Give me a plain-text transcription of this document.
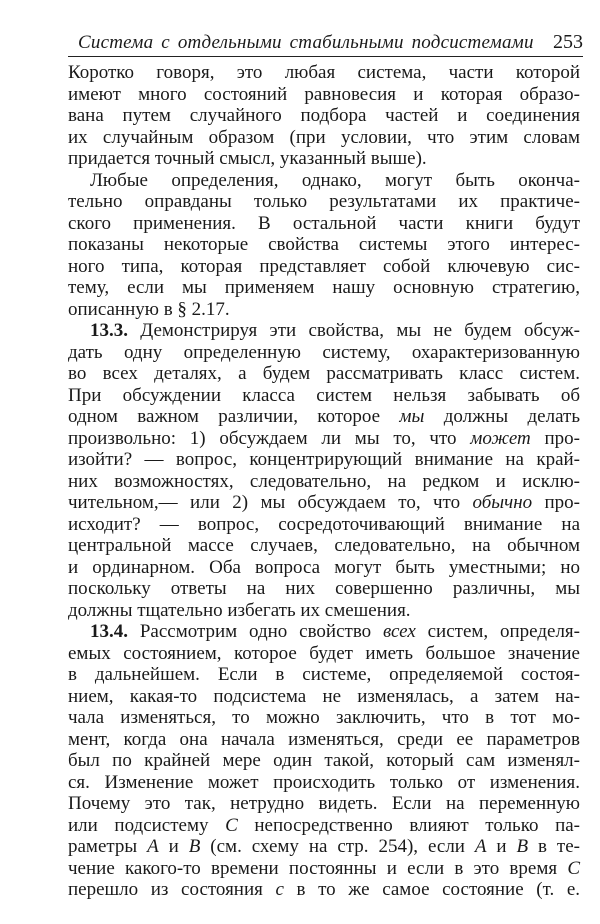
Система с отдельными стабильными подсистемами 253
Коротко говоря, это любая система, части которой
имеют много состояний равновесия и которая образо-
вана путем случайного подбора частей и соединения
их случайным образом (при условии, что этим словам
придается точный смысл, указанный выше).
Любые определения, однако, могут быть оконча-
тельно оправданы только результатами их практиче-
ского применения. В остальной части книги будут
показаны некоторые свойства системы этого интерес-
ного типа, которая представляет собой ключевую сис-
тему, если мы применяем нашу основную стратегию,
описанную в § 2.17.
13.3. Демонстрируя эти свойства, мы не будем обсуж-
дать одну определенную систему, охарактеризованную
во всех деталях, а будем рассматривать класс систем.
При обсуждении класса систем нельзя забывать об
одном важном различии, которое мы должны делать
произвольно: 1) обсуждаем ли мы то, что может про-
изойти? — вопрос, концентрирующий внимание на край-
них возможностях, следовательно, на редком и исклю-
чительном,— или 2) мы обсуждаем то, что обычно про-
исходит? — вопрос, сосредоточивающий внимание на
центральной массе случаев, следовательно, на обычном
и ординарном. Оба вопроса могут быть уместными; но
поскольку ответы на них совершенно различны, мы
должны тщательно избегать их смешения.
13.4. Рассмотрим одно свойство всех систем, определя-
емых состоянием, которое будет иметь большое значение
в дальнейшем. Если в системе, определяемой состоя-
нием, какая-то подсистема не изменялась, а затем на-
чала изменяться, то можно заключить, что в тот мо-
мент, когда она начала изменяться, среди ее параметров
был по крайней мере один такой, который сам изменял-
ся. Изменение может происходить только от изменения.
Почему это так, нетрудно видеть. Если на переменную
или подсистему C непосредственно влияют только па-
раметры A и B (см. схему на стр. 254), если A и B в те-
чение какого-то времени постоянны и если в это время C
перешло из состояния c в то же самое состояние (т. е.
